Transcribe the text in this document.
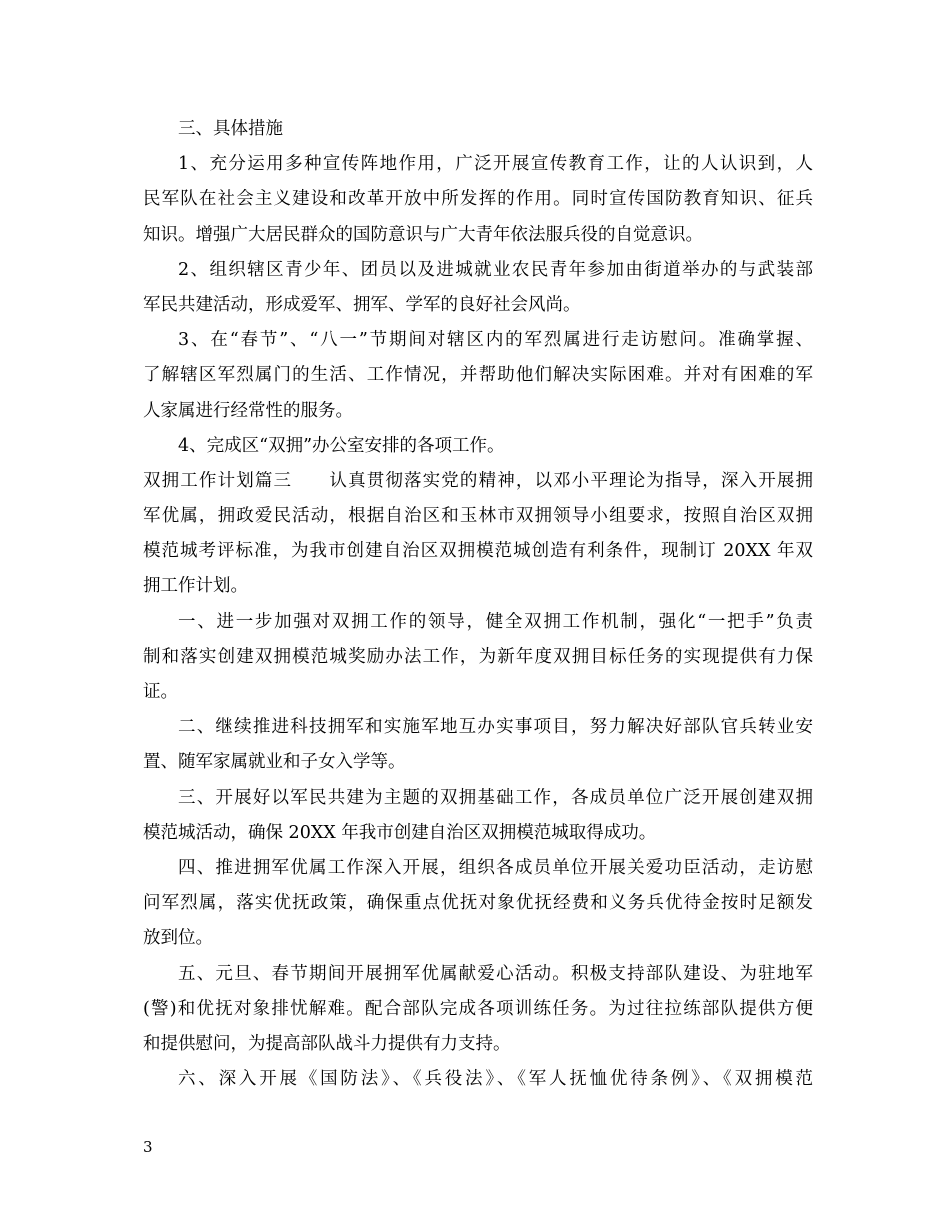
三、具体措施
1、充分运用多种宣传阵地作用，广泛开展宣传教育工作，让的人认识到，人
民军队在社会主义建设和改革开放中所发挥的作用。同时宣传国防教育知识、征兵
知识。增强广大居民群众的国防意识与广大青年依法服兵役的自觉意识。
2、组织辖区青少年、团员以及进城就业农民青年参加由街道举办的与武装部
军民共建活动，形成爱军、拥军、学军的良好社会风尚。
3、在“春节”、“八一”节期间对辖区内的军烈属进行走访慰问。准确掌握、
了解辖区军烈属门的生活、工作情况，并帮助他们解决实际困难。并对有困难的军
人家属进行经常性的服务。
4、完成区“双拥”办公室安排的各项工作。
双拥工作计划篇三　　认真贯彻落实党的精神，以邓小平理论为指导，深入开展拥
军优属，拥政爱民活动，根据自治区和玉林市双拥领导小组要求，按照自治区双拥
模范城考评标准，为我市创建自治区双拥模范城创造有利条件，现制订 20XX 年双
拥工作计划。
一、进一步加强对双拥工作的领导，健全双拥工作机制，强化“一把手”负责
制和落实创建双拥模范城奖励办法工作，为新年度双拥目标任务的实现提供有力保
证。
二、继续推进科技拥军和实施军地互办实事项目，努力解决好部队官兵转业安
置、随军家属就业和子女入学等。
三、开展好以军民共建为主题的双拥基础工作，各成员单位广泛开展创建双拥
模范城活动，确保 20XX 年我市创建自治区双拥模范城取得成功。
四、推进拥军优属工作深入开展，组织各成员单位开展关爱功臣活动，走访慰
问军烈属，落实优抚政策，确保重点优抚对象优抚经费和义务兵优待金按时足额发
放到位。
五、元旦、春节期间开展拥军优属献爱心活动。积极支持部队建设、为驻地军
(警)和优抚对象排忧解难。配合部队完成各项训练任务。为过往拉练部队提供方便
和提供慰问，为提高部队战斗力提供有力支持。
六、深入开展《国防法》、《兵役法》、《军人抚恤优待条例》、《双拥模范
3
